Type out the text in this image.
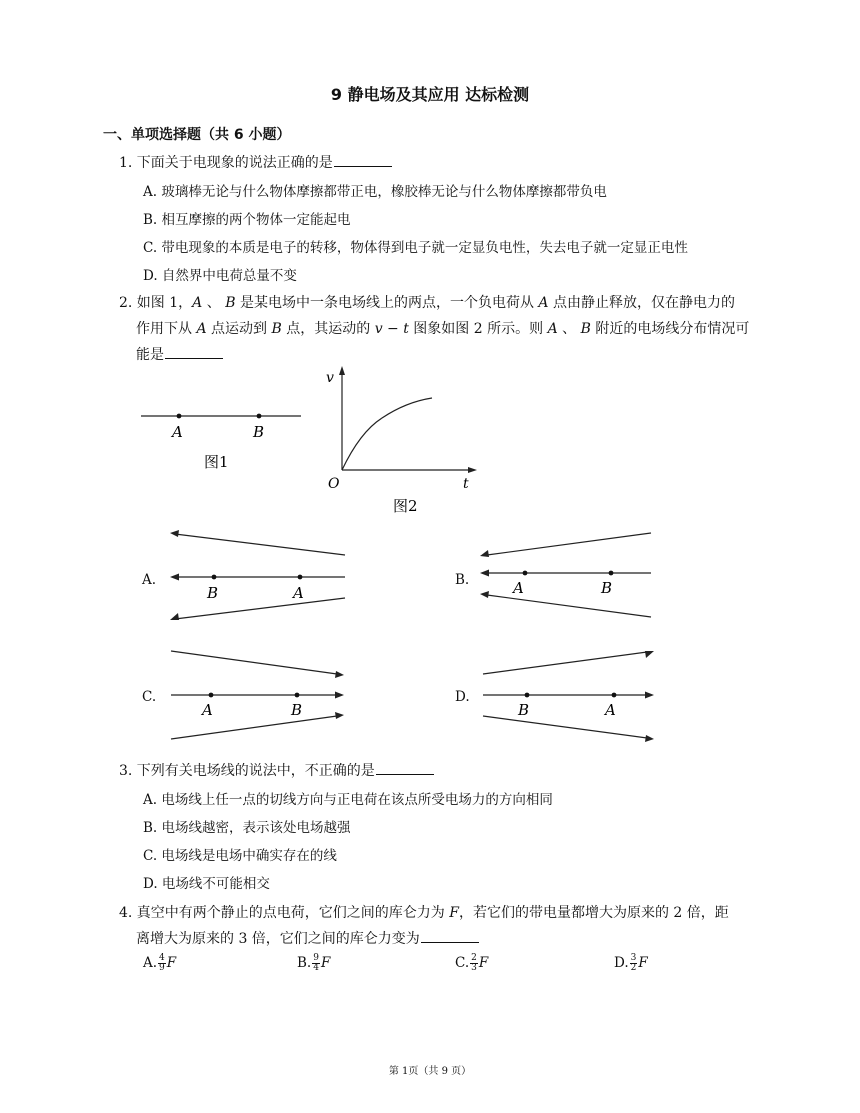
9 静电场及其应用 达标检测
一、单项选择题（共 6 小题）
1. 下面关于电现象的说法正确的是
A. 玻璃棒无论与什么物体摩擦都带正电，橡胶棒无论与什么物体摩擦都带负电
B. 相互摩擦的两个物体一定能起电
C. 带电现象的本质是电子的转移，物体得到电子就一定显负电性，失去电子就一定显正电性
D. 自然界中电荷总量不变
2. 如图 1，A 、 B 是某电场中一条电场线上的两点，一个负电荷从 A 点由静止释放，仅在静电力的
作用下从 A 点运动到 B 点，其运动的 v − t 图象如图 2 所示。则 A 、 B 附近的电场线分布情况可
能是
A	B
图1
v
t
O
图2
A.
B	A
B.	A	B
C.
A	B
D.
B	A
3. 下列有关电场线的说法中，不正确的是
A. 电场线上任一点的切线方向与正电荷在该点所受电场力的方向相同
B. 电场线越密，表示该处电场越强
C. 电场线是电场中确实存在的线
D. 电场线不可能相交
4. 真空中有两个静止的点电荷，它们之间的库仑力为 F，若它们的带电量都增大为原来的 2 倍，距
离增大为原来的 3 倍，它们之间的库仑力变为
A. $\frac{4}{9}$ F	B. $\frac{9}{4}$ F	C. $\frac{2}{3}$ F	D. $\frac{3}{2}$ F
第 1页（共 9 页）
